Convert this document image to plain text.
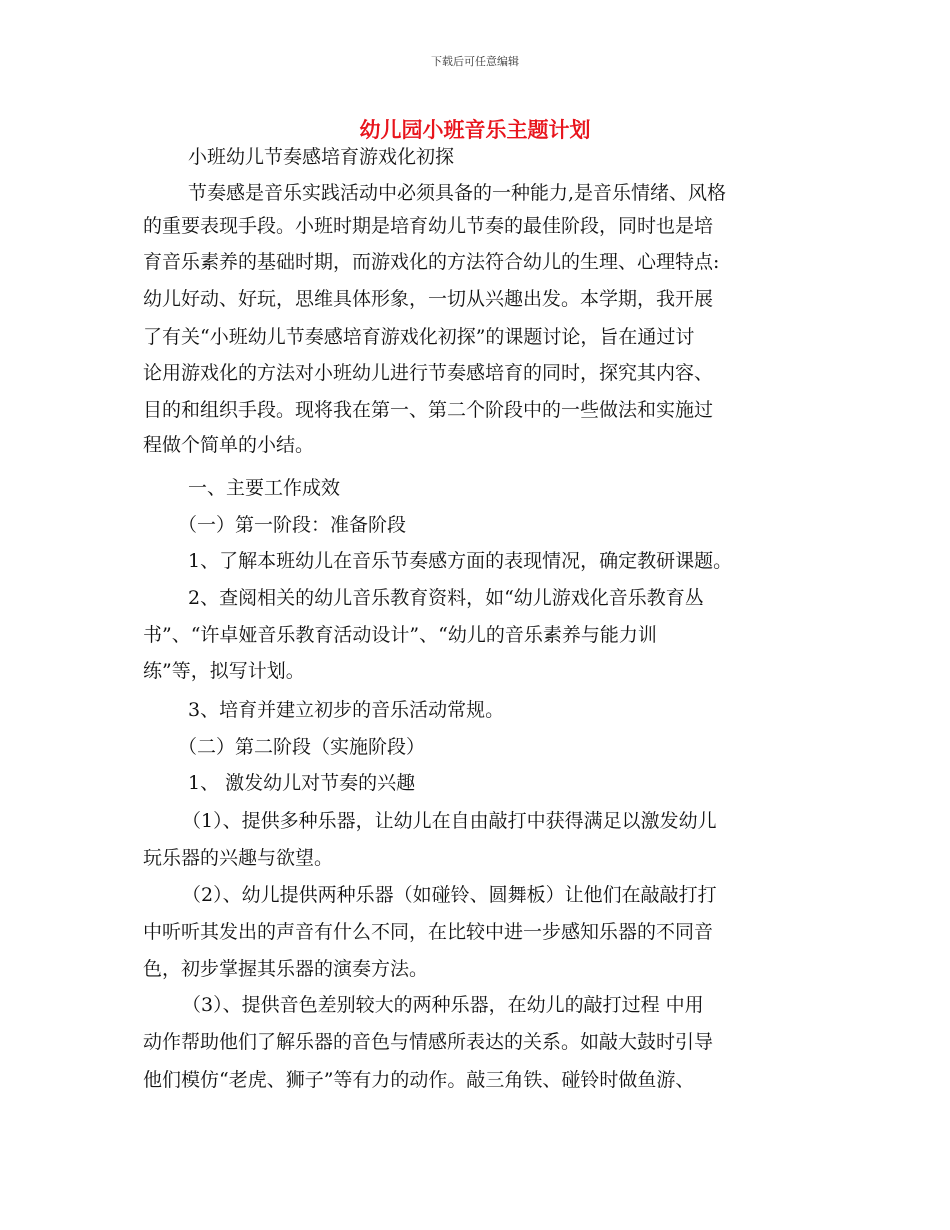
下载后可任意编辑
幼儿园小班音乐主题计划
小班幼儿节奏感培育游戏化初探
节奏感是音乐实践活动中必须具备的一种能力,是音乐情绪、风格
的重要表现手段。小班时期是培育幼儿节奏的最佳阶段，同时也是培
育音乐素养的基础时期，而游戏化的方法符合幼儿的生理、心理特点:
幼儿好动、好玩，思维具体形象，一切从兴趣出发。本学期，我开展
了有关“小班幼儿节奏感培育游戏化初探”的课题讨论，旨在通过讨
论用游戏化的方法对小班幼儿进行节奏感培育的同时，探究其内容、
目的和组织手段。现将我在第一、第二个阶段中的一些做法和实施过
程做个简单的小结。
一、主要工作成效
（一）第一阶段：准备阶段
1、了解本班幼儿在音乐节奏感方面的表现情况，确定教研课题。
2、查阅相关的幼儿音乐教育资料，如“幼儿游戏化音乐教育丛
书”、“许卓娅音乐教育活动设计”、“幼儿的音乐素养与能力训
练”等，拟写计划。
3、培育并建立初步的音乐活动常规。
（二）第二阶段（实施阶段）
1、 激发幼儿对节奏的兴趣
（1）、提供多种乐器，让幼儿在自由敲打中获得满足以激发幼儿
玩乐器的兴趣与欲望。
（2）、幼儿提供两种乐器（如碰铃、圆舞板）让他们在敲敲打打
中听听其发出的声音有什么不同，在比较中进一步感知乐器的不同音
色，初步掌握其乐器的演奏方法。
（3）、提供音色差别较大的两种乐器，在幼儿的敲打过程 中用
动作帮助他们了解乐器的音色与情感所表达的关系。如敲大鼓时引导
他们模仿“老虎、狮子”等有力的动作。敲三角铁、碰铃时做鱼游、
